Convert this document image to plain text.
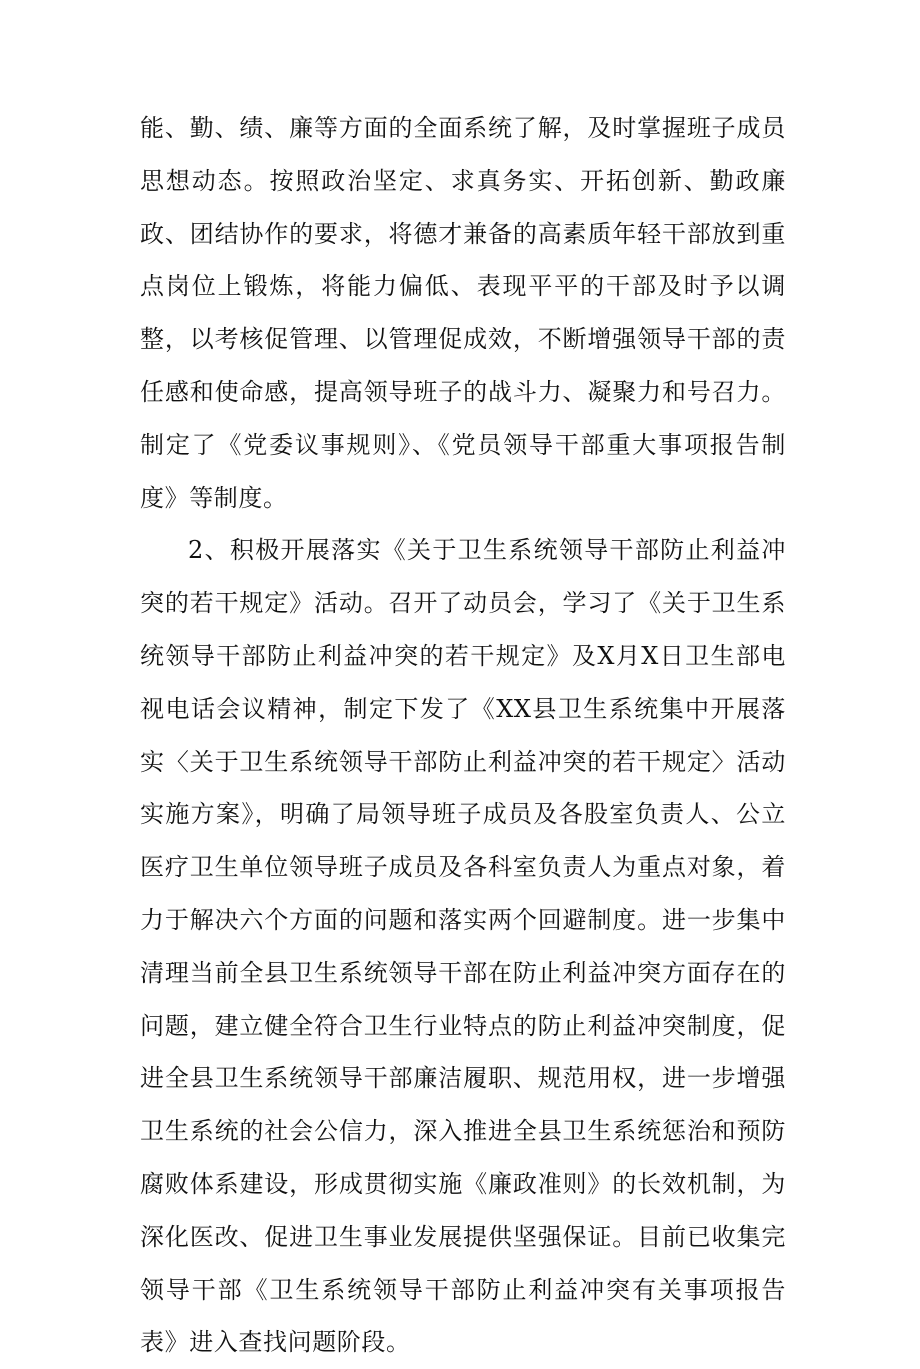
能、勤、绩、廉等方面的全面系统了解，及时掌握班子成员思想动态。按照政治坚定、求真务实、开拓创新、勤政廉政、团结协作的要求，将德才兼备的高素质年轻干部放到重点岗位上锻炼，将能力偏低、表现平平的干部及时予以调整，以考核促管理、以管理促成效，不断增强领导干部的责任感和使命感，提高领导班子的战斗力、凝聚力和号召力。制定了《党委议事规则》、《党员领导干部重大事项报告制度》等制度。

2、积极开展落实《关于卫生系统领导干部防止利益冲突的若干规定》活动。召开了动员会，学习了《关于卫生系统领导干部防止利益冲突的若干规定》及X月X日卫生部电视电话会议精神，制定下发了《XX县卫生系统集中开展落实〈关于卫生系统领导干部防止利益冲突的若干规定〉活动实施方案》，明确了局领导班子成员及各股室负责人、公立医疗卫生单位领导班子成员及各科室负责人为重点对象，着力于解决六个方面的问题和落实两个回避制度。进一步集中清理当前全县卫生系统领导干部在防止利益冲突方面存在的问题，建立健全符合卫生行业特点的防止利益冲突制度，促进全县卫生系统领导干部廉洁履职、规范用权，进一步增强卫生系统的社会公信力，深入推进全县卫生系统惩治和预防腐败体系建设，形成贯彻实施《廉政准则》的长效机制，为深化医改、促进卫生事业发展提供坚强保证。目前已收集完领导干部《卫生系统领导干部防止利益冲突有关事项报告表》进入查找问题阶段。
